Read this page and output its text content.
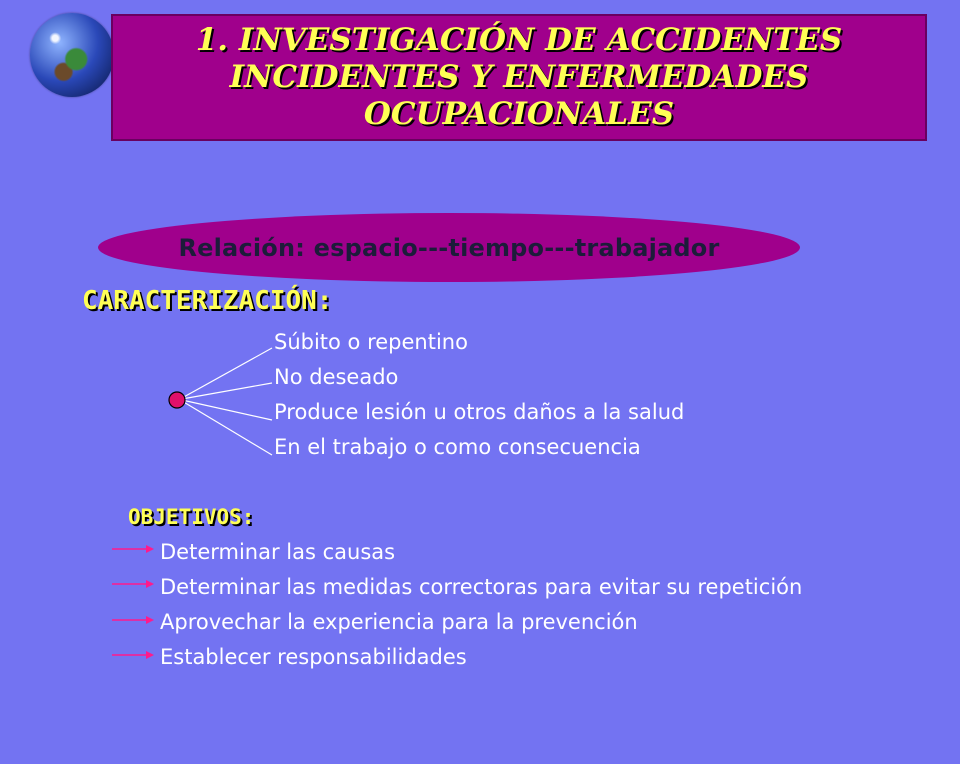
1. INVESTIGACIÓN DE ACCIDENTES
INCIDENTES Y ENFERMEDADES
OCUPACIONALES
Relación: espacio---tiempo---trabajador
CARACTERIZACIÓN:
Súbito o repentino
No deseado
Produce lesión u otros daños a la salud
En el trabajo o como consecuencia
OBJETIVOS:
Determinar las causas
Determinar las medidas correctoras para evitar su repetición
Aprovechar la experiencia para la prevención
Establecer responsabilidades
